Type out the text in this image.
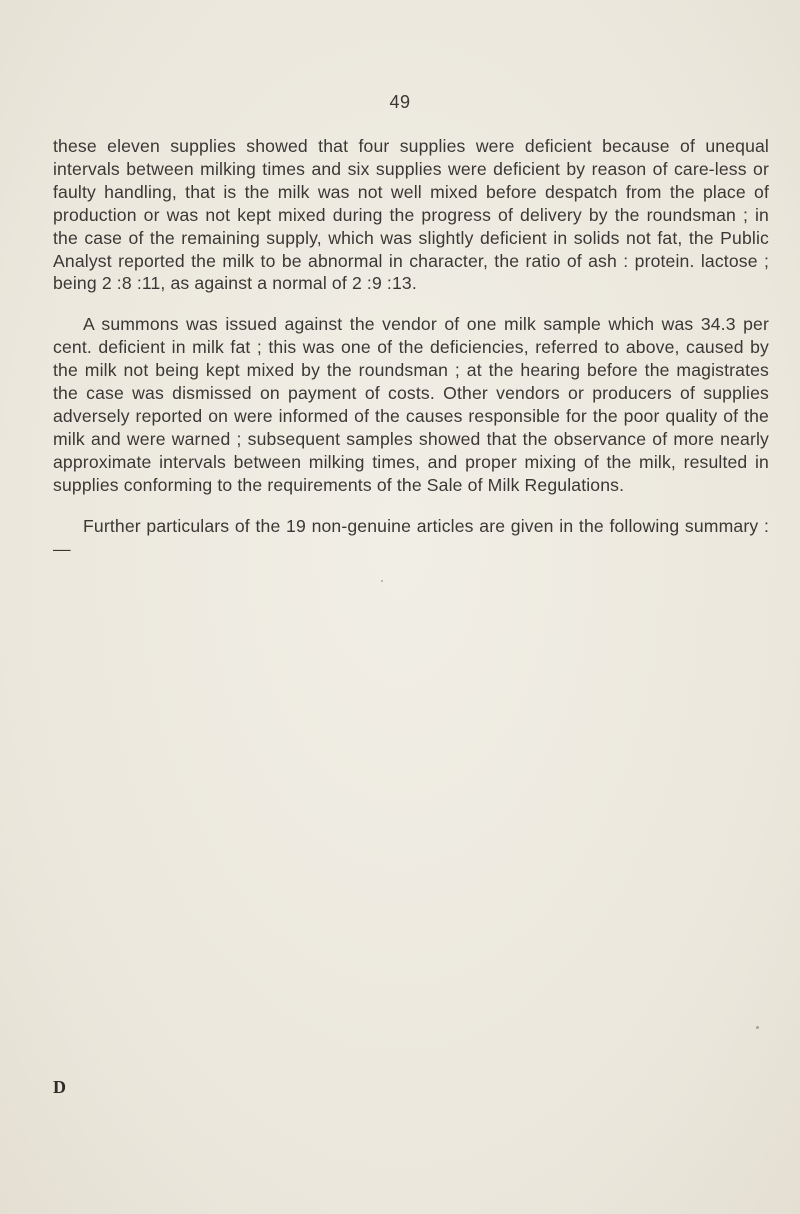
49

these eleven supplies showed that four supplies were deficient because of unequal intervals between milking times and six supplies were deficient by reason of care-less or faulty handling, that is the milk was not well mixed before despatch from the place of production or was not kept mixed during the progress of delivery by the roundsman ; in the case of the remaining supply, which was slightly deficient in solids not fat, the Public Analyst reported the milk to be abnormal in character, the ratio of ash : protein. lactose ; being 2 :8 :11, as against a normal of 2 :9 :13.

A summons was issued against the vendor of one milk sample which was 34.3 per cent. deficient in milk fat ; this was one of the deficiencies, referred to above, caused by the milk not being kept mixed by the roundsman ; at the hearing before the magistrates the case was dismissed on payment of costs. Other vendors or producers of supplies adversely reported on were informed of the causes responsible for the poor quality of the milk and were warned ; subsequent samples showed that the observance of more nearly approximate intervals between milking times, and proper mixing of the milk, resulted in supplies conforming to the requirements of the Sale of Milk Regulations.

Further particulars of the 19 non-genuine articles are given in the following summary :—

D
